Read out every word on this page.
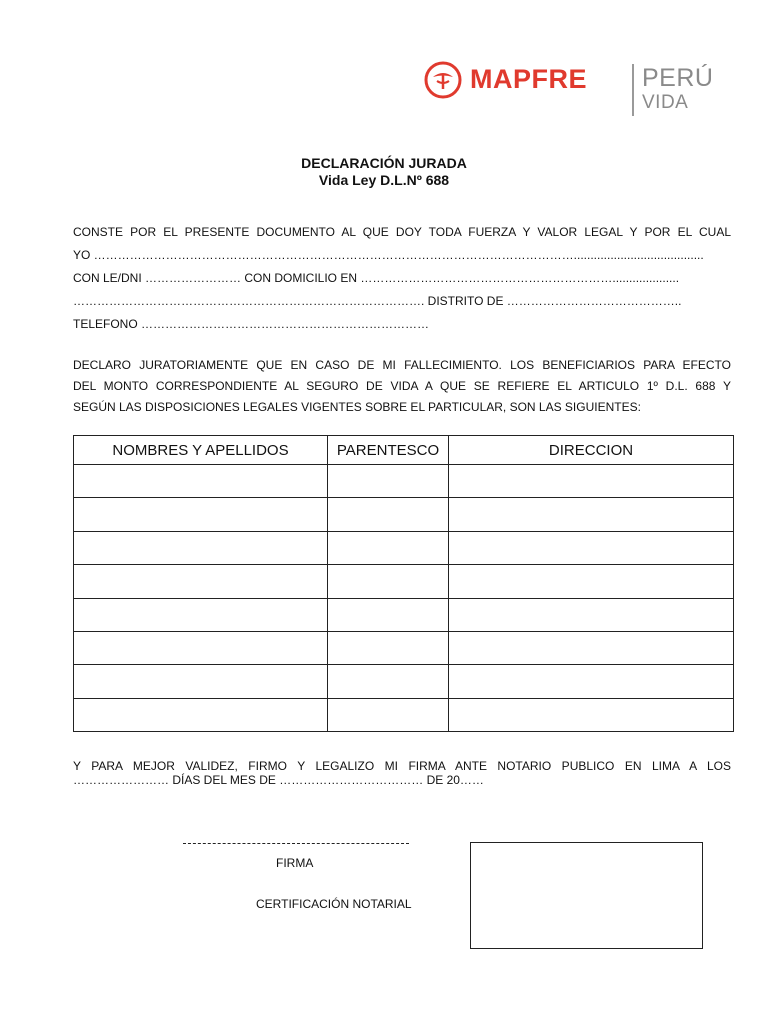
MAPFRE PERÚ
VIDA
DECLARACIÓN JURADA
Vida Ley D.L.Nº 688
CONSTE POR EL PRESENTE DOCUMENTO AL QUE DOY TODA FUERZA Y VALOR LEGAL Y POR EL CUAL
YO ………………………………………………………………………………………………………….......................................
CON LE/DNI …………………… CON DOMICILIO EN ………………………………………………………....................
……………………………………………………………………………. DISTRITO DE ……………………………………..
TELEFONO ………………………………………………………………
DECLARO JURATORIAMENTE QUE EN CASO DE MI FALLECIMIENTO. LOS BENEFICIARIOS PARA EFECTO
DEL MONTO CORRESPONDIENTE AL SEGURO DE VIDA A QUE SE REFIERE EL ARTICULO 1º D.L. 688 Y
SEGÚN LAS DISPOSICIONES LEGALES VIGENTES SOBRE EL PARTICULAR, SON LAS SIGUIENTES:
NOMBRES Y APELLIDOS	PARENTESCO	DIRECCION

Y PARA MEJOR VALIDEZ, FIRMO Y LEGALIZO MI FIRMA ANTE NOTARIO PUBLICO EN LIMA A LOS
…………………… DÍAS DEL MES DE ……………………………… DE 20……
FIRMA
CERTIFICACIÓN NOTARIAL
